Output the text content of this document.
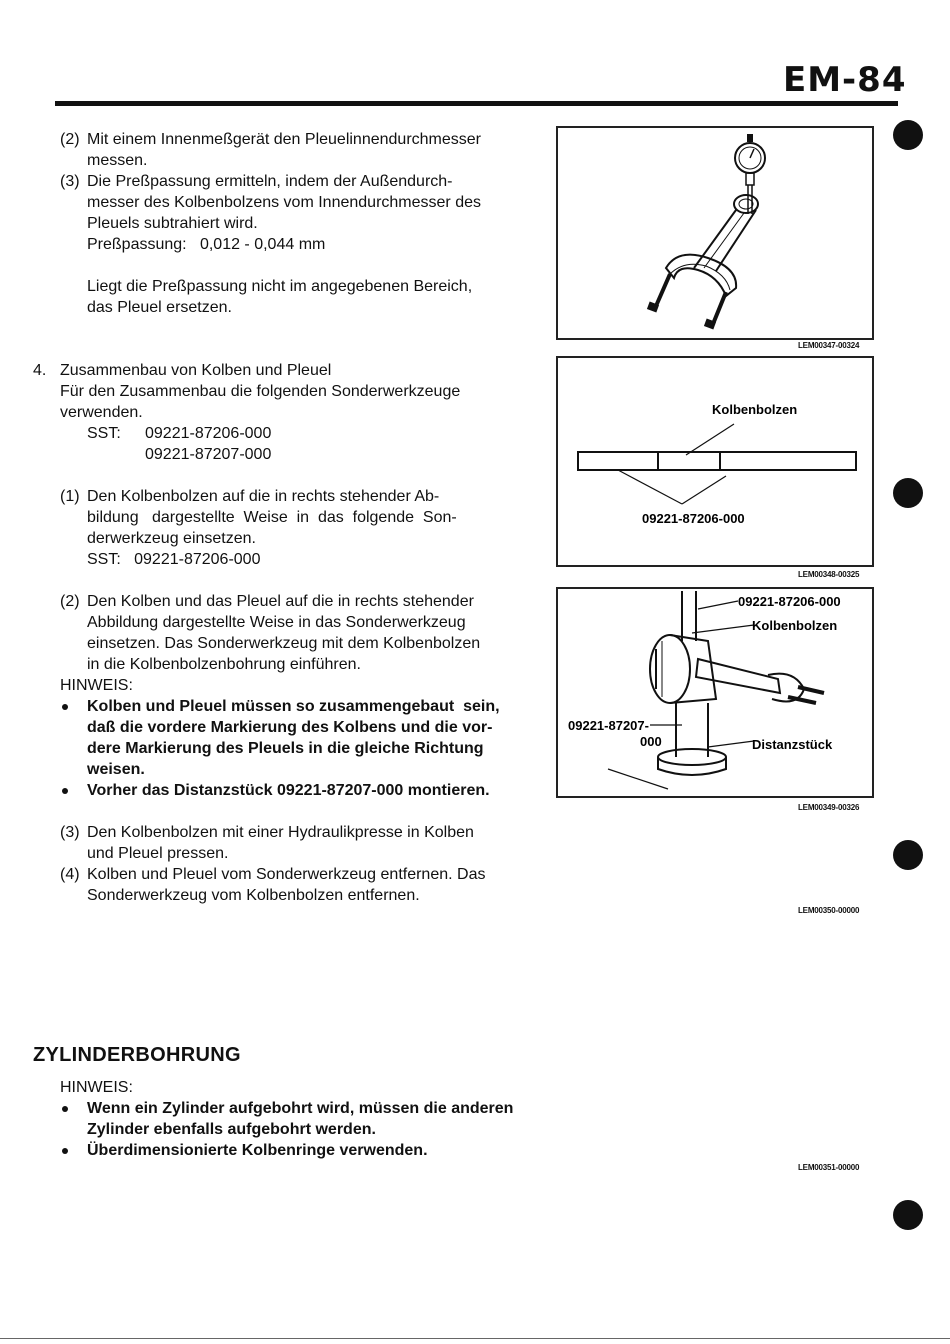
EM-84
(2) Mit einem Innenmeßgerät den Pleuelinnendurchmesser
messen.
(3) Die Preßpassung ermitteln, indem der Außendurch-
messer des Kolbenbolzens vom Innendurchmesser des
Pleuels subtrahiert wird.
Preßpassung:   0,012 - 0,044 mm
Liegt die Preßpassung nicht im angegebenen Bereich,
das Pleuel ersetzen.
4. Zusammenbau von Kolben und Pleuel
Für den Zusammenbau die folgenden Sonderwerkzeuge
verwenden.
SST: 09221-87206-000
09221-87207-000
(1) Den Kolbenbolzen auf die in rechts stehender Ab-
bildung   dargestellte  Weise  in  das  folgende  Son-
derwerkzeug einsetzen.
SST:   09221-87206-000
(2) Den Kolben und das Pleuel auf die in rechts stehender
Abbildung dargestellte Weise in das Sonderwerkzeug
einsetzen. Das Sonderwerkzeug mit dem Kolbenbolzen
in die Kolbenbolzenbohrung einführen.
HINWEIS:
Kolben und Pleuel müssen so zusammengebaut  sein,
daß die vordere Markierung des Kolbens und die vor-
dere Markierung des Pleuels in die gleiche Richtung
weisen.
Vorher das Distanzstück 09221-87207-000 montieren.
(3) Den Kolbenbolzen mit einer Hydraulikpresse in Kolben
und Pleuel pressen.
(4) Kolben und Pleuel vom Sonderwerkzeug entfernen. Das
Sonderwerkzeug vom Kolbenbolzen entfernen.
ZYLINDERBOHRUNG
HINWEIS:
Wenn ein Zylinder aufgebohrt wird, müssen die anderen
Zylinder ebenfalls aufgebohrt werden.
Überdimensionierte Kolbenringe verwenden.
LEM00347-00324
Kolbenbolzen
09221-87206-000
LEM00348-00325
09221-87206-000
Kolbenbolzen
09221-87207-
000	Distanzstück
LEM00349-00326
LEM00350-00000
LEM00351-00000
